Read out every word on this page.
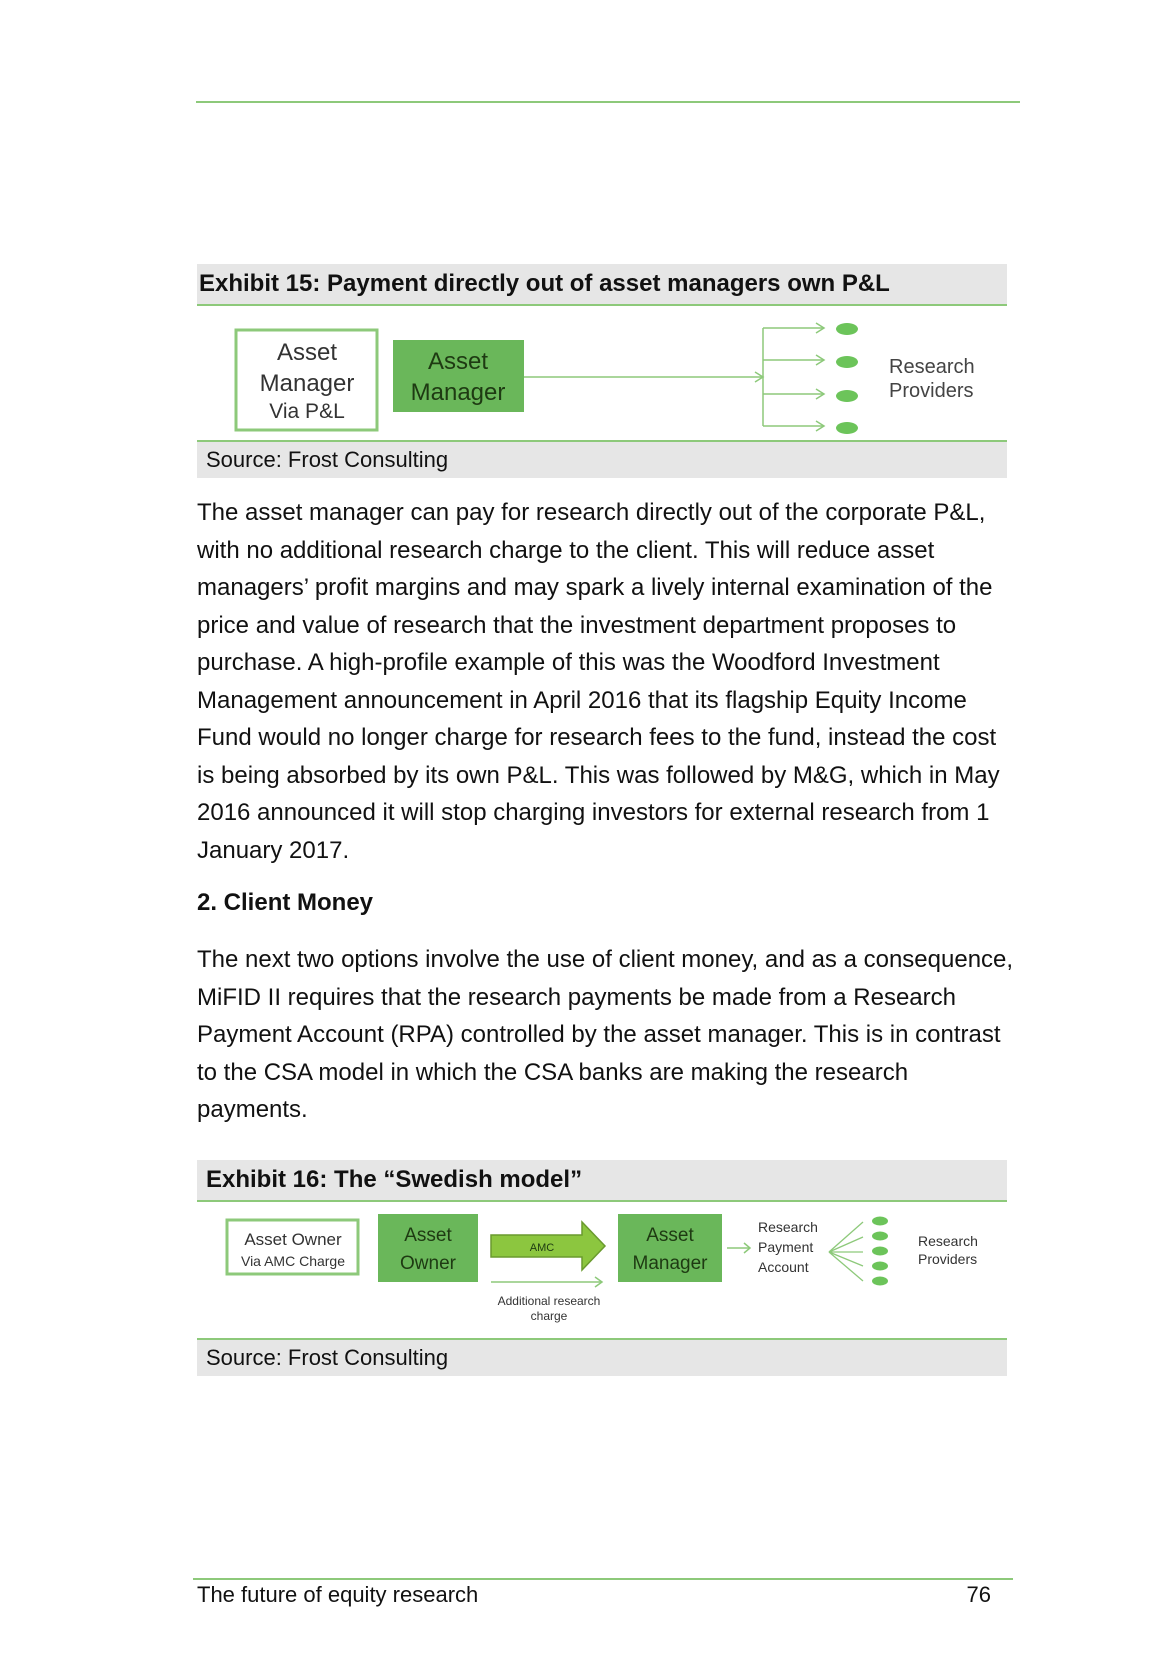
Exhibit 15: Payment directly out of asset managers own P&L
Asset
Manager
Via P&L
Asset
Manager
Research
Providers
Source: Frost Consulting

The asset manager can pay for research directly out of the corporate P&L, with no additional research charge to the client. This will reduce asset managers’ profit margins and may spark a lively internal examination of the price and value of research that the investment department proposes to purchase. A high-profile example of this was the Woodford Investment Management announcement in April 2016 that its flagship Equity Income Fund would no longer charge for research fees to the fund, instead the cost is being absorbed by its own P&L. This was followed by M&G, which in May 2016 announced it will stop charging investors for external research from 1 January 2017.

2. Client Money

The next two options involve the use of client money, and as a consequence, MiFID II requires that the research payments be made from a Research Payment Account (RPA) controlled by the asset manager. This is in contrast to the CSA model in which the CSA banks are making the research payments.

Exhibit 16: The “Swedish model”
Asset Owner
Via AMC Charge
Asset
Owner
AMC
Additional research
charge
Asset
Manager
Research
Payment
Account
Research
Providers
Source: Frost Consulting
The future of equity research	76
